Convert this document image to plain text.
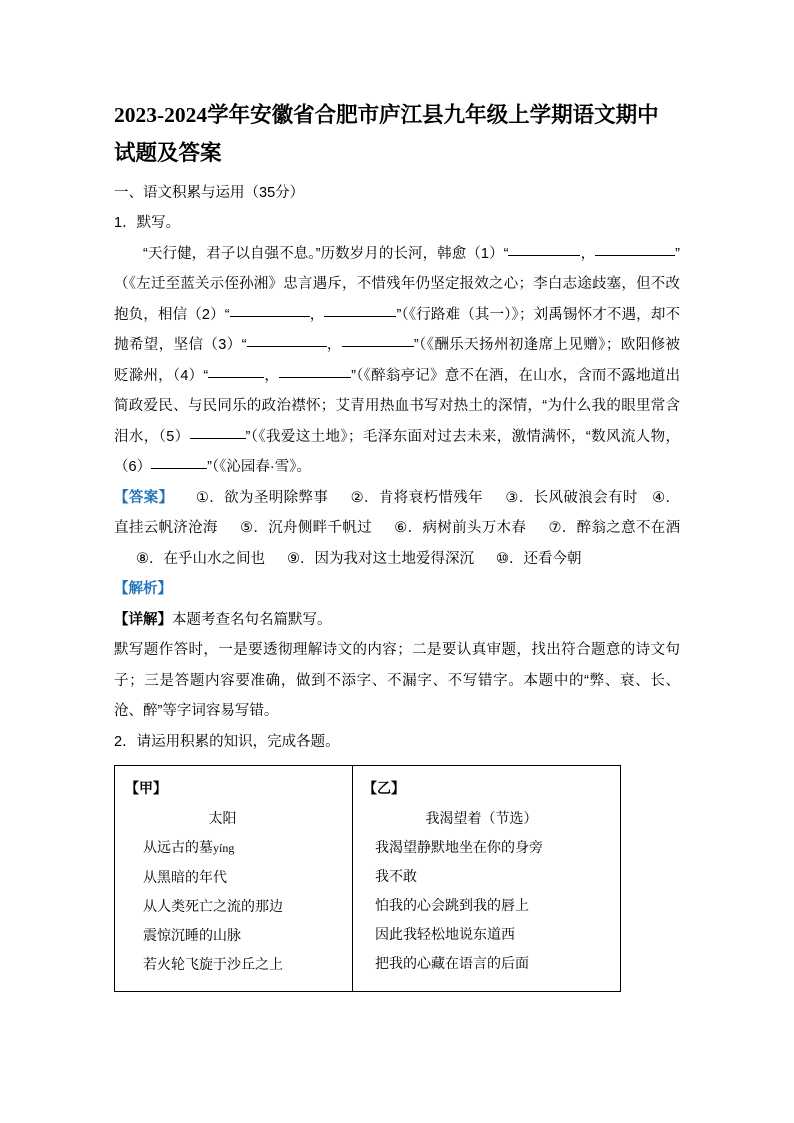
2023-2024学年安徽省合肥市庐江县九年级上学期语文期中试题及答案

一、语文积累与运用（35分）

1．默写。

“天行健，君子以自强不息。”历数岁月的长河，韩愈（1）“	，	”（《左迁至蓝关示侄孙湘》忠言遇斥，不惜残年仍坚定报效之心；李白志途歧塞，但不改抱负，相信（2）“	，	”（《行路难（其一）》；刘禹锡怀才不遇，却不抛希望，坚信（3）“	，	”（《酬乐天扬州初逢席上见赠》；欧阳修被贬滁州，（4）“	，	”（《醉翁亭记》意不在酒，在山水，含而不露地道出简政爱民、与民同乐的政治襟怀；艾青用热血书写对热土的深情，“为什么我的眼里常含泪水，（5）	”（《我爱这土地》；毛泽东面对过去未来，激情满怀，“数风流人物，（6）	”（《沁园春·雪》。

【答案】 ①．欲为圣明除弊事 ②．肯将衰朽惜残年 ③．长风破浪会有时 ④．直挂云帆济沧海 ⑤．沉舟侧畔千帆过 ⑥．病树前头万木春 ⑦．醉翁之意不在酒⑧．在乎山水之间也 ⑨．因为我对这土地爱得深沉 ⑩．还看今朝

【解析】

【详解】本题考查名句名篇默写。

默写题作答时，一是要透彻理解诗文的内容；二是要认真审题，找出符合题意的诗文句子；三是答题内容要准确，做到不添字、不漏字、不写错字。本题中的“弊、衰、长、沧、醉”等字词容易写错。

2．请运用积累的知识，完成各题。

【甲】
太阳
从远古的墓yíng
从黑暗的年代
从人类死亡之流的那边
震惊沉睡的山脉
若火轮飞旋于沙丘之上

【乙】
我渴望着（节选）
我渴望静默地坐在你的身旁
我不敢
怕我的心会跳到我的唇上
因此我轻松地说东道西
把我的心藏在语言的后面
